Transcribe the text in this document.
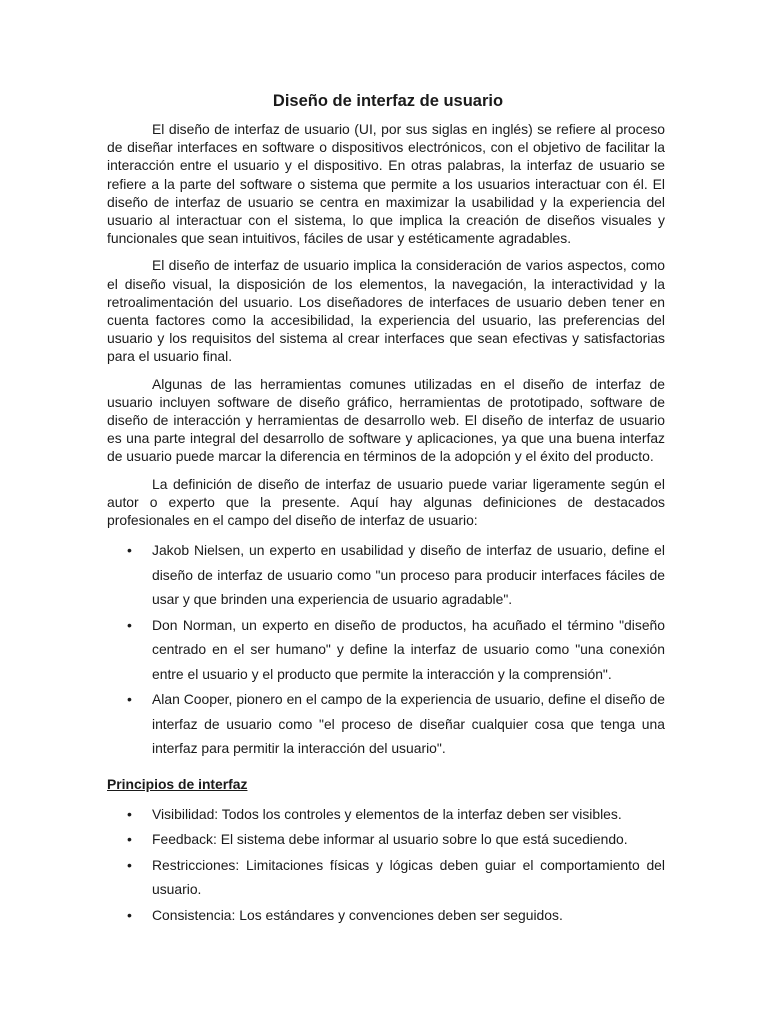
Diseño de interfaz de usuario

El diseño de interfaz de usuario (UI, por sus siglas en inglés) se refiere al proceso de diseñar interfaces en software o dispositivos electrónicos, con el objetivo de facilitar la interacción entre el usuario y el dispositivo. En otras palabras, la interfaz de usuario se refiere a la parte del software o sistema que permite a los usuarios interactuar con él. El diseño de interfaz de usuario se centra en maximizar la usabilidad y la experiencia del usuario al interactuar con el sistema, lo que implica la creación de diseños visuales y funcionales que sean intuitivos, fáciles de usar y estéticamente agradables.

El diseño de interfaz de usuario implica la consideración de varios aspectos, como el diseño visual, la disposición de los elementos, la navegación, la interactividad y la retroalimentación del usuario. Los diseñadores de interfaces de usuario deben tener en cuenta factores como la accesibilidad, la experiencia del usuario, las preferencias del usuario y los requisitos del sistema al crear interfaces que sean efectivas y satisfactorias para el usuario final.

Algunas de las herramientas comunes utilizadas en el diseño de interfaz de usuario incluyen software de diseño gráfico, herramientas de prototipado, software de diseño de interacción y herramientas de desarrollo web. El diseño de interfaz de usuario es una parte integral del desarrollo de software y aplicaciones, ya que una buena interfaz de usuario puede marcar la diferencia en términos de la adopción y el éxito del producto.

La definición de diseño de interfaz de usuario puede variar ligeramente según el autor o experto que la presente. Aquí hay algunas definiciones de destacados profesionales en el campo del diseño de interfaz de usuario:

• Jakob Nielsen, un experto en usabilidad y diseño de interfaz de usuario, define el diseño de interfaz de usuario como "un proceso para producir interfaces fáciles de usar y que brinden una experiencia de usuario agradable".
• Don Norman, un experto en diseño de productos, ha acuñado el término "diseño centrado en el ser humano" y define la interfaz de usuario como "una conexión entre el usuario y el producto que permite la interacción y la comprensión".
• Alan Cooper, pionero en el campo de la experiencia de usuario, define el diseño de interfaz de usuario como "el proceso de diseñar cualquier cosa que tenga una interfaz para permitir la interacción del usuario".
Principios de interfaz
• Visibilidad: Todos los controles y elementos de la interfaz deben ser visibles.
• Feedback: El sistema debe informar al usuario sobre lo que está sucediendo.
• Restricciones: Limitaciones físicas y lógicas deben guiar el comportamiento del usuario.
• Consistencia: Los estándares y convenciones deben ser seguidos.
